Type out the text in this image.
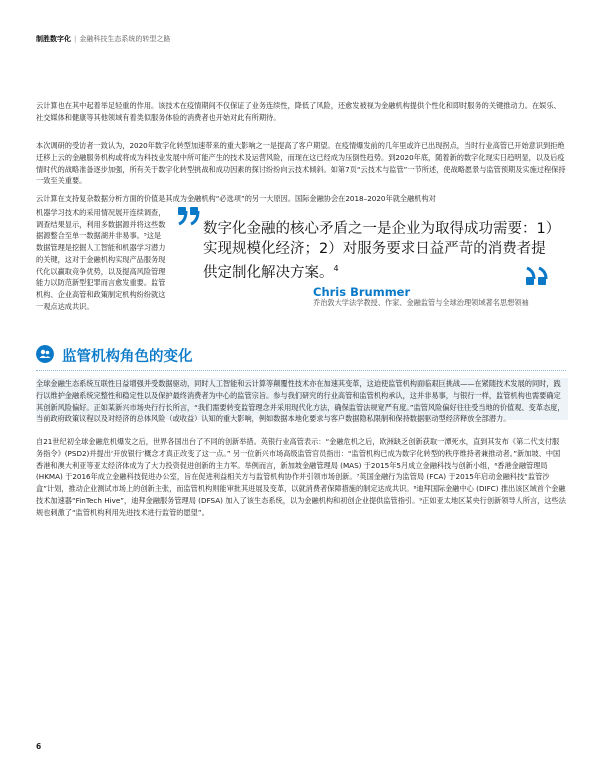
制胜数字化 | 金融科技生态系统的转型之路

云计算也在其中起着举足轻重的作用。该技术在疫情期间不仅保证了业务连续性，降低了风险，还愈发被视为金融机构提供个性化和即时服务的关键推动力。在娱乐、社交媒体和健康等其他领域有着类似服务体验的消费者也开始对此有所期待。

本次调研的受访者一致认为，2020年数字化转型加速带来的重大影响之一是提高了客户期望。在疫情爆发前的几年里或许已出现拐点，当时行业高管已开始意识到拒绝迁移上云的金融服务机构或将成为科技业发展中所可能产生的技术及运营风险，而现在这已经成为压倒性趋势。到2020年底，随着新的数字化现实日趋明显，以及后疫情时代的战略准备逐步加强，所有关于数字化转型挑战和成功因素的探讨纷纷向云技术倾斜。如第7页“云技术与监管”一节所述，使战略愿景与监管预期及实施过程保持一致至关重要。

云计算在支持复杂数据分析方面的价值是其成为金融机构“必选项”的另一大原因。国际金融协会在2018–2020年就全融机构对

机器学习技术的采用情况展开连续调查，调查结果显示，利用多数据源并将这些数据源整合至单一数据湖并非易事。⁵这是数据管理是挖掘人工智能和机器学习潜力的关键，这对于金融机构实现产品服务现代化以赢取竞争优势，以及提高风险管理能力以防范新型犯罪而言愈发重要。监管机构、企业高管和政策制定机构纷纷就这一观点达成共识。

数字化金融的核心矛盾之一是企业为取得成功需要：1）实现规模化经济；2）对服务要求日益严苛的消费者提供定制化解决方案。$^4$

Chris Brummer
乔治敦大学法学教授、作家、金融监管与全球治理领域著名思想领袖
监管机构角色的变化

全球金融生态系统互联性日益增强并受数据驱动，同时人工智能和云计算等颠覆性技术亦在加速其变革，这迫使监管机构面临艰巨挑战——在紧随技术发展的同时，践行以维护金融系统完整性和稳定性以及保护最终消费者为中心的监管宗旨。参与我们研究的行业高管和监管机构承认，这并非易事，与银行一样，监管机构也需要确定其创新风险偏好。正如某新兴市场央行行长所言，“我们需要转变监管理念并采用现代化方法，确保监管法规宽严有度。”监管风险偏好往往受当地的价值观、变革态度，当前政府政策议程以及对经济的总体风险（或收益）认知的重大影响，例如数据本地化要求与客户数据隐私限制和保持数据驱动型经济释放全部潜力。

自21世纪初全球金融危机爆发之后，世界各国出台了不同的创新举措。英银行业高管表示：“金融危机之后，欧洲缺乏创新获取一潭死水，直到其发布《第二代支付服务指令》(PSD2)并提出‘开放银行’概念才真正改变了这一点。” 另一位新兴市场高级监管官员指出：“监管机构已成为数字化转型的秩序维持者兼推动者。”新加坡、中国香港和澳大利亚等亚太经济体成为了大力投资促进创新的主力军。举例而言，新加坡金融管理局 (MAS) 于2015年5月成立金融科技与创新小组，⁶香港金融管理局 (HKMA) 于2016年成立金融科技促进办公室，旨在促进利益相关方与监管机构协作并引领市场创新。⁷英国金融行为监管局 (FCA) 于2015年启动金融科技“监管沙盒”计划，推动企业测试市场上的创新主张，而监管机构则能审批其进展及变革，以就消费者保障措施的制定达成共识。⁸迪拜国际金融中心 (DIFC) 推出该区域首个金融技术加速器“FinTech Hive”，迪拜金融服务管理局 (DFSA) 加入了该生态系统，以为金融机构和初创企业提供监管指引。⁹正如亚太地区某央行创新领导人所言，这些法规也刺激了“监管机构利用先进技术进行监管的愿望”。

6
